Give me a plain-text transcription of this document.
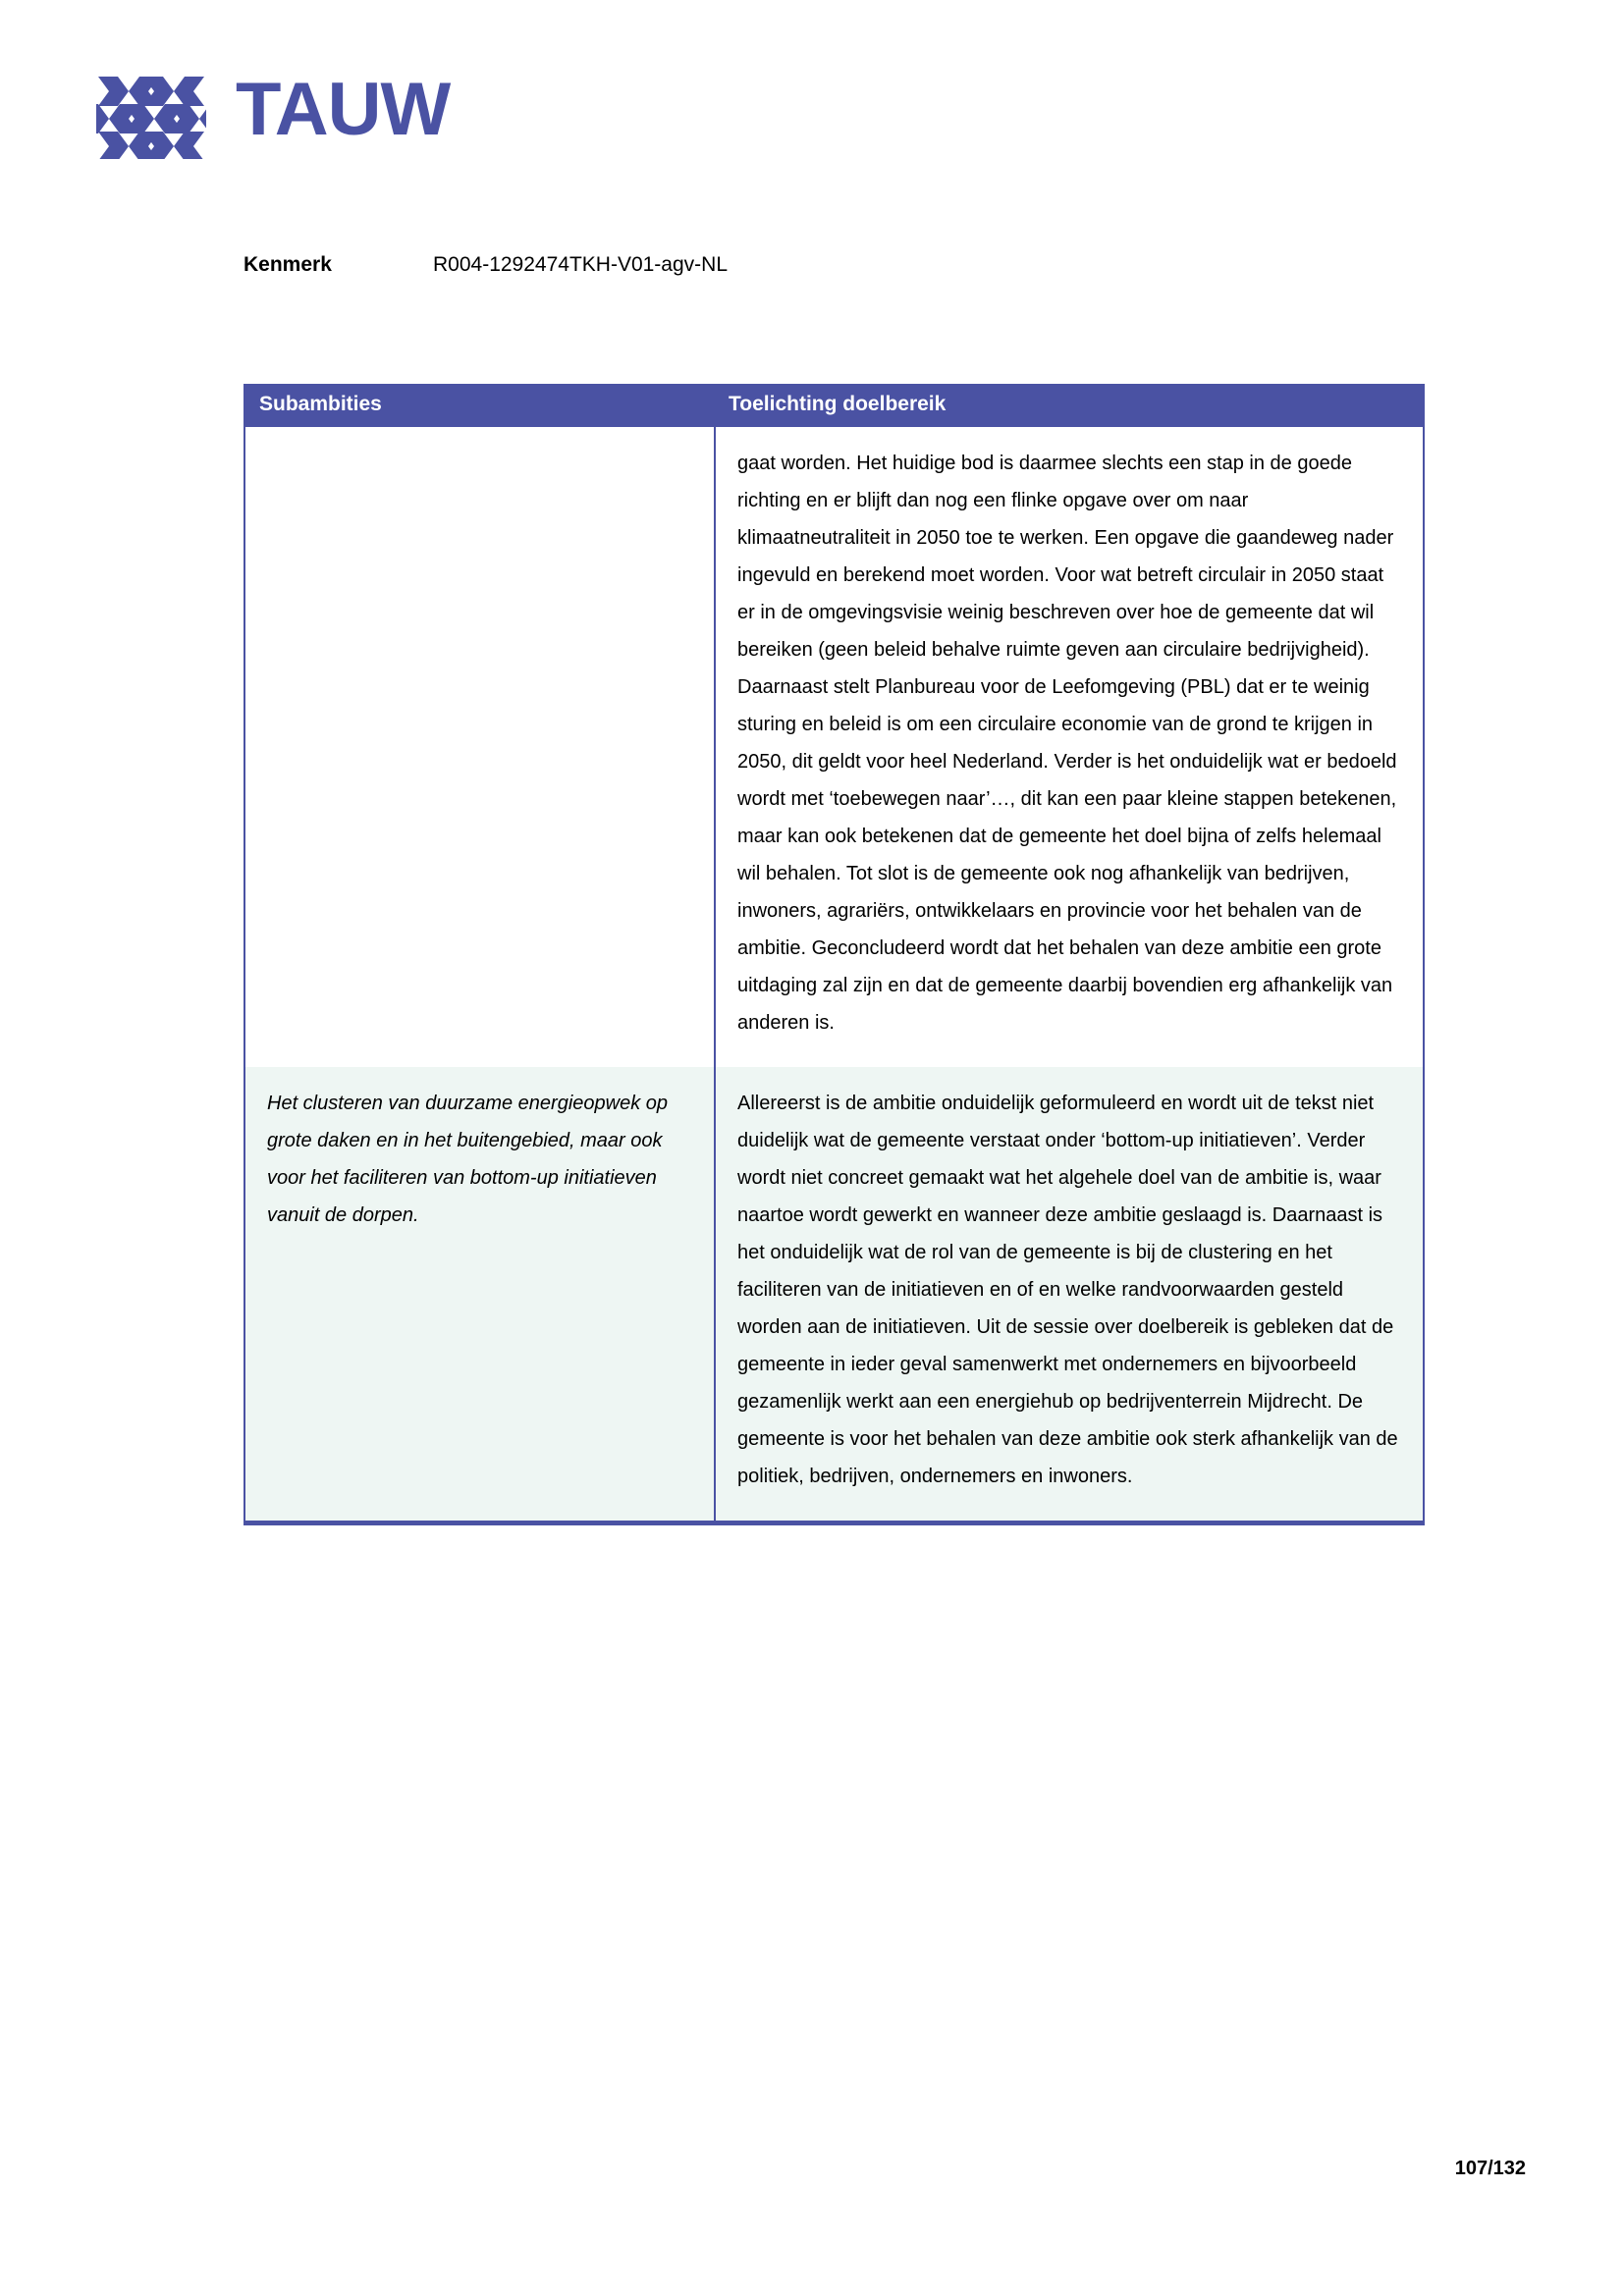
TAUW
Kenmerk	R004-1292474TKH-V01-agv-NL
Subambities	Toelichting doelbereik
	gaat worden. Het huidige bod is daarmee slechts een stap in de goede richting en er blijft dan nog een flinke opgave over om naar klimaatneutraliteit in 2050 toe te werken. Een opgave die gaandeweg nader ingevuld en berekend moet worden. Voor wat betreft circulair in 2050 staat er in de omgevingsvisie weinig beschreven over hoe de gemeente dat wil bereiken (geen beleid behalve ruimte geven aan circulaire bedrijvigheid). Daarnaast stelt Planbureau voor de Leefomgeving (PBL) dat er te weinig sturing en beleid is om een circulaire economie van de grond te krijgen in 2050, dit geldt voor heel Nederland. Verder is het onduidelijk wat er bedoeld wordt met ‘toebewegen naar’…, dit kan een paar kleine stappen betekenen, maar kan ook betekenen dat de gemeente het doel bijna of zelfs helemaal wil behalen. Tot slot is de gemeente ook nog afhankelijk van bedrijven, inwoners, agrariërs, ontwikkelaars en provincie voor het behalen van de ambitie. Geconcludeerd wordt dat het behalen van deze ambitie een grote uitdaging zal zijn en dat de gemeente daarbij bovendien erg afhankelijk van anderen is.
Het clusteren van duurzame energieopwek op grote daken en in het buitengebied, maar ook voor het faciliteren van bottom-up initiatieven vanuit de dorpen.	Allereerst is de ambitie onduidelijk geformuleerd en wordt uit de tekst niet duidelijk wat de gemeente verstaat onder ‘bottom-up initiatieven’. Verder wordt niet concreet gemaakt wat het algehele doel van de ambitie is, waar naartoe wordt gewerkt en wanneer deze ambitie geslaagd is. Daarnaast is het onduidelijk wat de rol van de gemeente is bij de clustering en het faciliteren van de initiatieven en of en welke randvoorwaarden gesteld worden aan de initiatieven. Uit de sessie over doelbereik is gebleken dat de gemeente in ieder geval samenwerkt met ondernemers en bijvoorbeeld gezamenlijk werkt aan een energiehub op bedrijventerrein Mijdrecht. De gemeente is voor het behalen van deze ambitie ook sterk afhankelijk van de politiek, bedrijven, ondernemers en inwoners.
107/132
